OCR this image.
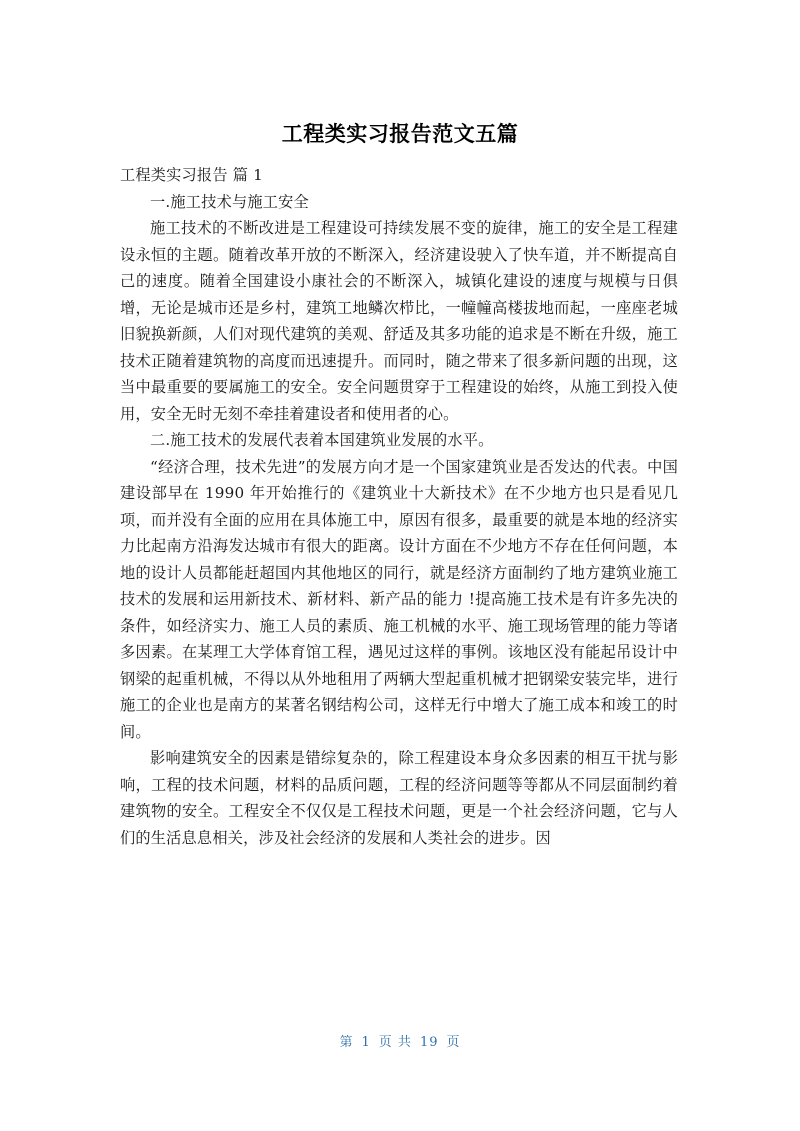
工程类实习报告范文五篇

工程类实习报告 篇 1

一.施工技术与施工安全

施工技术的不断改进是工程建设可持续发展不变的旋律，施工的安全是工程建设永恒的主题。随着改革开放的不断深入，经济建设驶入了快车道，并不断提高自己的速度。随着全国建设小康社会的不断深入，城镇化建设的速度与规模与日俱增，无论是城市还是乡村，建筑工地鳞次栉比，一幢幢高楼拔地而起，一座座老城旧貌换新颜，人们对现代建筑的美观、舒适及其多功能的追求是不断在升级，施工技术正随着建筑物的高度而迅速提升。而同时，随之带来了很多新问题的出现，这当中最重要的要属施工的安全。安全问题贯穿于工程建设的始终，从施工到投入使用，安全无时无刻不牵挂着建设者和使用者的心。

二.施工技术的发展代表着本国建筑业发展的水平。

“经济合理，技术先进”的发展方向才是一个国家建筑业是否发达的代表。中国建设部早在 1990 年开始推行的《建筑业十大新技术》在不少地方也只是看见几项，而并没有全面的应用在具体施工中，原因有很多，最重要的就是本地的经济实力比起南方沿海发达城市有很大的距离。设计方面在不少地方不存在任何问题，本地的设计人员都能赶超国内其他地区的同行，就是经济方面制约了地方建筑业施工技术的发展和运用新技术、新材料、新产品的能力 !提高施工技术是有许多先决的条件，如经济实力、施工人员的素质、施工机械的水平、施工现场管理的能力等诸多因素。在某理工大学体育馆工程，遇见过这样的事例。该地区没有能起吊设计中钢梁的起重机械，不得以从外地租用了两辆大型起重机械才把钢梁安装完毕，进行施工的企业也是南方的某著名钢结构公司，这样无行中增大了施工成本和竣工的时间。

影响建筑安全的因素是错综复杂的，除工程建设本身众多因素的相互干扰与影响，工程的技术问题，材料的品质问题，工程的经济问题等等都从不同层面制约着建筑物的安全。工程安全不仅仅是工程技术问题，更是一个社会经济问题，它与人们的生活息息相关，涉及社会经济的发展和人类社会的进步。因

第 1 页 共 19 页
